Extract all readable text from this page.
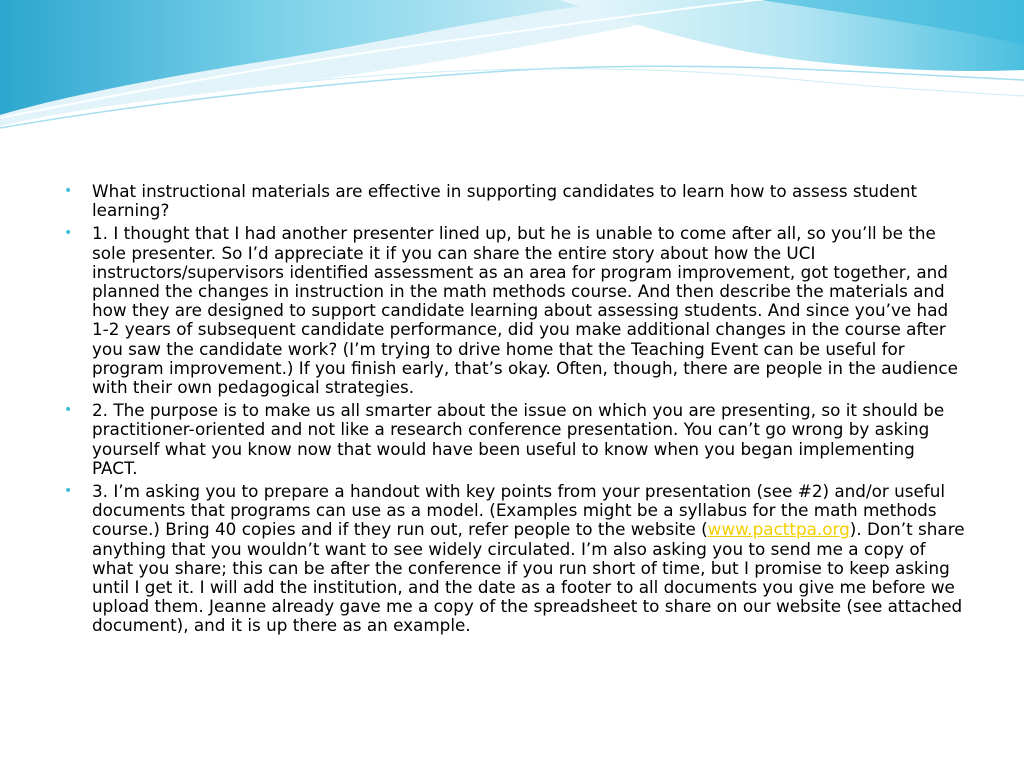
• What instructional materials are effective in supporting candidates to learn how to assess student learning?
• 1. I thought that I had another presenter lined up, but he is unable to come after all, so you’ll be the sole presenter. So I’d appreciate it if you can share the entire story about how the UCI instructors/supervisors identified assessment as an area for program improvement, got together, and planned the changes in instruction in the math methods course. And then describe the materials and how they are designed to support candidate learning about assessing students. And since you’ve had 1-2 years of subsequent candidate performance, did you make additional changes in the course after you saw the candidate work? (I’m trying to drive home that the Teaching Event can be useful for program improvement.) If you finish early, that’s okay. Often, though, there are people in the audience with their own pedagogical strategies.
• 2. The purpose is to make us all smarter about the issue on which you are presenting, so it should be practitioner-oriented and not like a research conference presentation. You can’t go wrong by asking yourself what you know now that would have been useful to know when you began implementing PACT.
• 3. I’m asking you to prepare a handout with key points from your presentation (see #2) and/or useful documents that programs can use as a model. (Examples might be a syllabus for the math methods course.) Bring 40 copies and if they run out, refer people to the website (www.pacttpa.org). Don’t share anything that you wouldn’t want to see widely circulated. I’m also asking you to send me a copy of what you share; this can be after the conference if you run short of time, but I promise to keep asking until I get it. I will add the institution, and the date as a footer to all documents you give me before we upload them. Jeanne already gave me a copy of the spreadsheet to share on our website (see attached document), and it is up there as an example.
